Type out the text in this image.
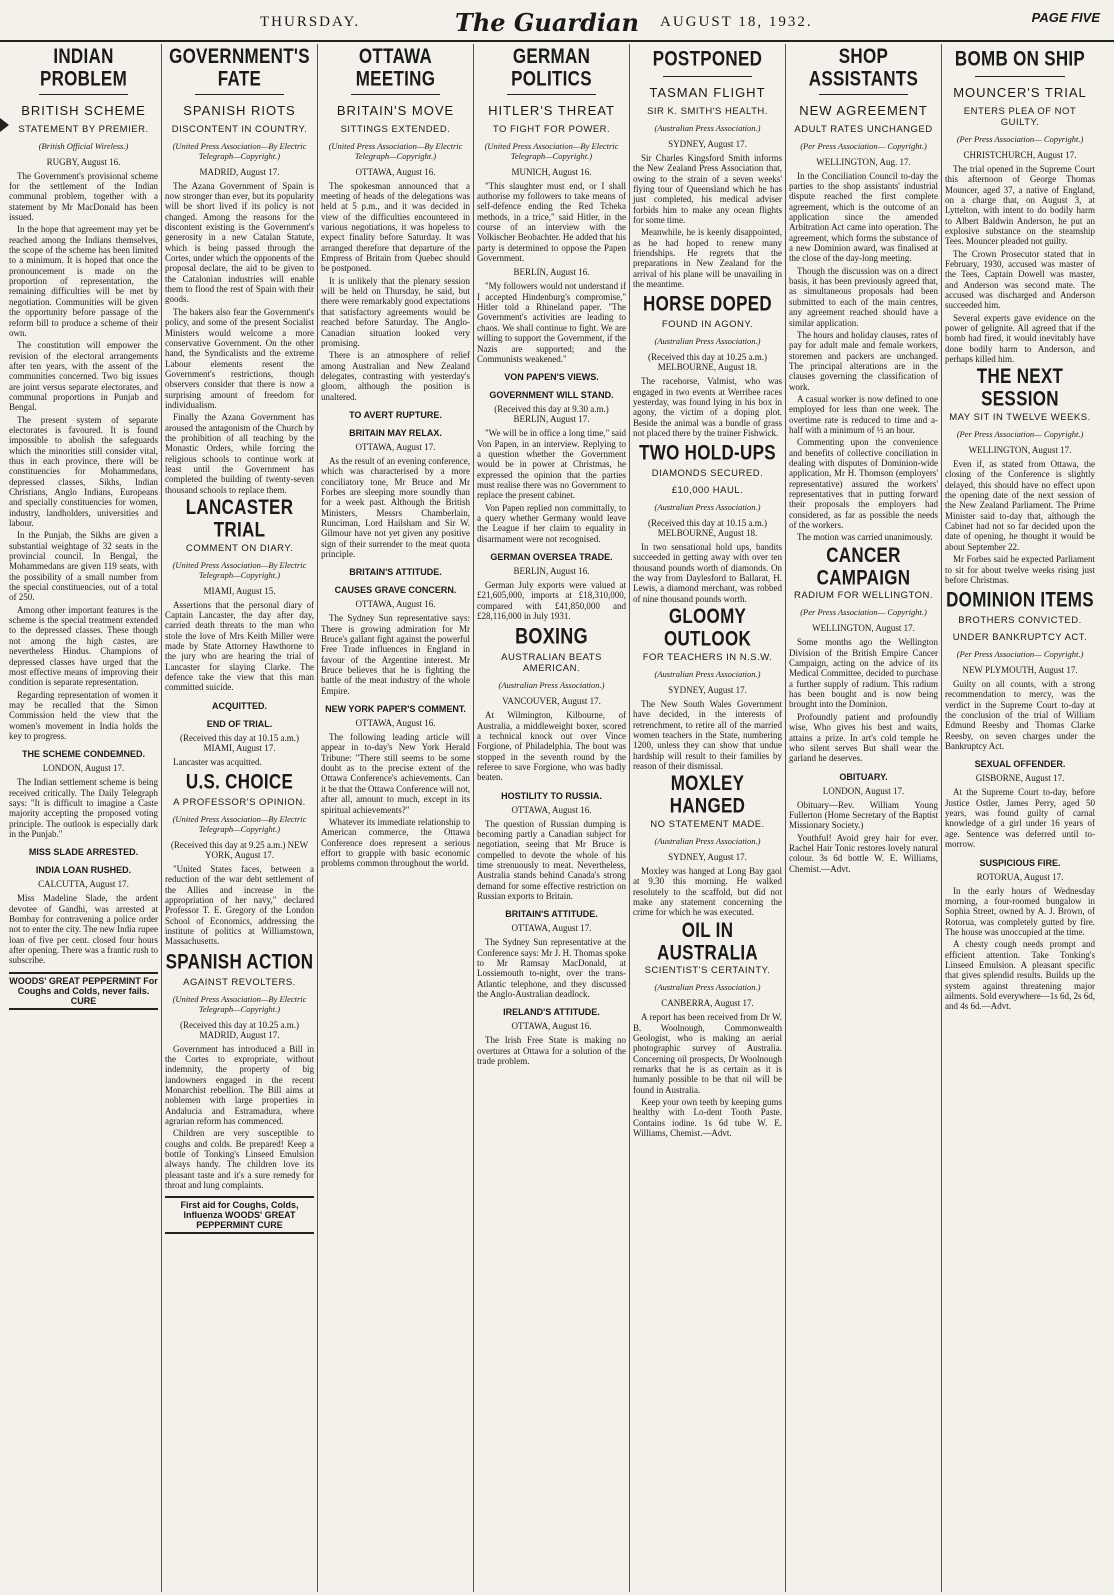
THURSDAY.	The Guardian AUGUST 18, 1932.	PAGE FIVE
INDIAN PROBLEM
BRITISH SCHEME
STATEMENT BY PREMIER.
(British Official Wireless.)
RUGBY, August 16.

The Government's provisional scheme for the settlement of the Indian communal problem, together with a statement by Mr MacDonald has been issued.

In the hope that agreement may yet be reached among the Indians themselves, the scope of the scheme has been limited to a minimum. It is hoped that once the pronouncement is made on the proportion of representation, the remaining difficulties will be met by negotiation. Communities will be given the opportunity before passage of the reform bill to produce a scheme of their own.

The constitution will empower the revision of the electoral arrangements after ten years, with the assent of the communities concerned. Two big issues are joint versus separate electorates, and communal proportions in Punjab and Bengal.

The present system of separate electorates is favoured. It is found impossible to abolish the safeguards which the minorities still consider vital, thus in each province, there will be constituencies for Mohammedans, depressed classes, Sikhs, Indian Christians, Anglo Indians, Europeans and specially constituencies for women, industry, landholders, universities and labour.

In the Punjab, the Sikhs are given a substantial weightage of 32 seats in the provincial council. In Bengal, the Mohammedans are given 119 seats, with the possibility of a small number from the special constituencies, out of a total of 250.

Among other important features is the scheme is the special treatment extended to the depressed classes. These though not among the high castes, are nevertheless Hindus. Champions of depressed classes have urged that the most effective means of improving their condition is separate representation.

Regarding representation of women it may be recalled that the Simon Commission held the view that the women's movement in India holds the key to progress.

THE SCHEME CONDEMNED.
LONDON, August 17.

The Indian settlement scheme is being received critically. The Daily Telegraph says: "It is difficult to imagine a Caste majority accepting the proposed voting principle. The outlook is especially dark in the Punjab."

MISS SLADE ARRESTED.
INDIA LOAN RUSHED.
CALCUTTA, August 17.

Miss Madeline Slade, the ardent devotee of Gandhi, was arrested at Bombay for contravening a police order not to enter the city. The new India rupee loan of five per cent. closed four hours after opening. There was a frantic rush to subscribe.

WOODS' GREAT PEPPERMINT For Coughs and Colds, never fails. CURE
GOVERNMENT'S FATE
SPANISH RIOTS
DISCONTENT IN COUNTRY.
(United Press Association—By Electric Telegraph—Copyright.)
MADRID, August 17.

The Azana Government of Spain is now stronger than ever, but its popularity will be short lived if its policy is not changed. Among the reasons for the discontent existing is the Government's generosity in a new Catalan Statute, which is being passed through the Cortes, under which the opponents of the proposal declare, the aid to be given to the Catalonian industries will enable them to flood the rest of Spain with their goods.

The bakers also fear the Government's policy, and some of the present Socialist Ministers would welcome a more conservative Government. On the other hand, the Syndicalists and the extreme Labour elements resent the Government's restrictions, though observers consider that there is now a surprising amount of freedom for individualism.

Finally the Azana Government has aroused the antagonism of the Church by the prohibition of all teaching by the Monastic Orders, while forcing the religious schools to continue work at least until the Government has completed the building of twenty-seven thousand schools to replace them.

LANCASTER TRIAL
COMMENT ON DIARY.
(United Press Association—By Electric Telegraph—Copyright.)
MIAMI, August 15.

Assertions that the personal diary of Captain Lancaster, the day after day, carried death threats to the man who stole the love of Mrs Keith Miller were made by State Attorney Hawthorne to the jury who are hearing the trial of Lancaster for slaying Clarke. The defence take the view that this man committed suicide.

ACQUITTED.
END OF TRIAL.
(Received this day at 10.15 a.m.) MIAMI, August 17.

Lancaster was acquitted.

U.S. CHOICE
A PROFESSOR'S OPINION.
(United Press Association—By Electric Telegraph—Copyright.)
(Received this day at 9.25 a.m.) NEW YORK, August 17.

"United States faces, between a reduction of the war debt settlement of the Allies and increase in the appropriation of her navy," declared Professor T. E. Gregory of the London School of Economics, addressing the institute of politics at Williamstown, Massachusetts.

SPANISH ACTION
AGAINST REVOLTERS.
(United Press Association—By Electric Telegraph—Copyright.)
(Received this day at 10.25 a.m.) MADRID, August 17.

Government has introduced a Bill in the Cortes to expropriate, without indemnity, the property of big landowners engaged in the recent Monarchist rebellion. The Bill aims at noblemen with large properties in Andalucia and Estramadura, where agrarian reform has commenced.

Children are very susceptible to coughs and colds. Be prepared! Keep a bottle of Tonking's Linseed Emulsion always handy. The children love its pleasant taste and it's a sure remedy for throat and lung complaints.

First aid for Coughs, Colds, Influenza WOODS' GREAT PEPPERMINT CURE
OTTAWA MEETING
BRITAIN'S MOVE
SITTINGS EXTENDED.
(United Press Association—By Electric Telegraph—Copyright.)
OTTAWA, August 16.

The spokesman announced that a meeting of heads of the delegations was held at 5 p.m., and it was decided in view of the difficulties encountered in various negotiations, it was hopeless to expect finality before Saturday. It was arranged therefore that departure of the Empress of Britain from Quebec should be postponed.

It is unlikely that the plenary session will be held on Thursday, he said, but there were remarkably good expectations that satisfactory agreements would be reached before Saturday. The Anglo-Canadian situation looked very promising.

There is an atmosphere of relief among Australian and New Zealand delegates, contrasting with yesterday's gloom, although the position is unaltered.

TO AVERT RUPTURE.
BRITAIN MAY RELAX.
OTTAWA, August 17.

As the result of an evening conference, which was characterised by a more conciliatory tone, Mr Bruce and Mr Forbes are sleeping more soundly than for a week past. Although the British Ministers, Messrs Chamberlain, Runciman, Lord Hailsham and Sir W. Gilmour have not yet given any positive sign of their surrender to the meat quota principle.

BRITAIN'S ATTITUDE.
CAUSES GRAVE CONCERN.
OTTAWA, August 16.

The Sydney Sun representative says: There is growing admiration for Mr Bruce's gallant fight against the powerful Free Trade influences in England in favour of the Argentine interest. Mr Bruce believes that he is fighting the battle of the meat industry of the whole Empire.

NEW YORK PAPER'S COMMENT.
OTTAWA, August 16.

The following leading article will appear in to-day's New York Herald Tribune: "There still seems to be some doubt as to the precise extent of the Ottawa Conference's achievements. Can it be that the Ottawa Conference will not, after all, amount to much, except in its spiritual achievements?"

Whatever its immediate relationship to American commerce, the Ottawa Conference does represent a serious effort to grapple with basic economic problems common throughout the world.

GERMAN POLITICS
HITLER'S THREAT
TO FIGHT FOR POWER.
(United Press Association—By Electric Telegraph—Copyright.)
MUNICH, August 16.

"This slaughter must end, or I shall authorise my followers to take means of self-defence ending the Red Tcheka methods, in a trice," said Hitler, in the course of an interview with the Volkischer Beobachter. He added that his party is determined to oppose the Papen Government.

BERLIN, August 16.

"My followers would not understand if I accepted Hindenburg's compromise," Hitler told a Rhineland paper. "The Government's activities are leading to chaos. We shall continue to fight. We are willing to support the Government, if the Nazis are supported; and the Communists weakened."

VON PAPEN'S VIEWS.
GOVERNMENT WILL STAND.
(Received this day at 9.30 a.m.) BERLIN, August 17.

"We will be in office a long time," said Von Papen, in an interview. Replying to a question whether the Government would be in power at Christmas, he expressed the opinion that the parties must realise there was no Government to replace the present cabinet.

Von Papen replied non committally, to a query whether Germany would leave the League if her claim to equality in disarmament were not recognised.

GERMAN OVERSEA TRADE.
BERLIN, August 16.

German July exports were valued at £21,605,000, imports at £18,310,000, compared with £41,850,000 and £28,116,000 in July 1931.

BOXING
AUSTRALIAN BEATS AMERICAN.
(Australian Press Association.)
VANCOUVER, August 17.

At Wilmington, Kilbourne, of Australia, a middleweight boxer, scored a technical knock out over Vince Forgione, of Philadelphia. The bout was stopped in the seventh round by the referee to save Forgione, who was badly beaten.

HOSTILITY TO RUSSIA.
OTTAWA, August 16.

The question of Russian dumping is becoming partly a Canadian subject for negotiation, seeing that Mr Bruce is compelled to devote the whole of his time strenuously to meat. Nevertheless, Australia stands behind Canada's strong demand for some effective restriction on Russian exports to Britain.

BRITAIN'S ATTITUDE.
OTTAWA, August 17.

The Sydney Sun representative at the Conference says: Mr J. H. Thomas spoke to Mr Ramsay MacDonald, at Lossiemouth to-night, over the trans-Atlantic telephone, and they discussed the Anglo-Australian deadlock.

IRELAND'S ATTITUDE.
OTTAWA, August 16.

The Irish Free State is making no overtures at Ottawa for a solution of the trade problem.

POSTPONED
TASMAN FLIGHT
SIR K. SMITH'S HEALTH.
(Australian Press Association.)
SYDNEY, August 17.

Sir Charles Kingsford Smith informs the New Zealand Press Association that, owing to the strain of a seven weeks' flying tour of Queensland which he has just completed, his medical adviser forbids him to make any ocean flights for some time.

Meanwhile, he is keenly disappointed, as he had hoped to renew many friendships. He regrets that the preparations in New Zealand for the arrival of his plane will be unavailing in the meantime.

HORSE DOPED
FOUND IN AGONY.
(Australian Press Association.)
(Received this day at 10.25 a.m.) MELBOURNE, August 18.

The racehorse, Valmist, who was engaged in two events at Werribee races yesterday, was found lying in his box in agony, the victim of a doping plot. Beside the animal was a bundle of grass not placed there by the trainer Fishwick.

TWO HOLD-UPS
DIAMONDS SECURED.
£10,000 HAUL.
(Australian Press Association.)
(Received this day at 10.15 a.m.) MELBOURNE, August 18.

In two sensational hold ups, bandits succeeded in getting away with over ten thousand pounds worth of diamonds. On the way from Daylesford to Ballarat, H. Lewis, a diamond merchant, was robbed of nine thousand pounds worth.

GLOOMY OUTLOOK
FOR TEACHERS IN N.S.W.
(Australian Press Association.)
SYDNEY, August 17.

The New South Wales Government have decided, in the interests of retrenchment, to retire all of the married women teachers in the State, numbering 1200, unless they can show that undue hardship will result to their families by reason of their dismissal.

MOXLEY HANGED
NO STATEMENT MADE.
(Australian Press Association.)
SYDNEY, August 17.

Moxley was hanged at Long Bay gaol at 9.30 this morning. He walked resolutely to the scaffold, but did not make any statement concerning the crime for which he was executed.

OIL IN AUSTRALIA
SCIENTIST'S CERTAINTY.
(Australian Press Association.)
CANBERRA, August 17.

A report has been received from Dr W. B. Woolnough, Commonwealth Geologist, who is making an aerial photographic survey of Australia. Concerning oil prospects, Dr Woolnough remarks that he is as certain as it is humanly possible to be that oil will be found in Australia.

Keep your own teeth by keeping gums healthy with Lo-dent Tooth Paste. Contains iodine. 1s 6d tube W. E. Williams, Chemist.—Advt.

SHOP ASSISTANTS
NEW AGREEMENT
ADULT RATES UNCHANGED
(Per Press Association— Copyright.)
WELLINGTON, Aug. 17.

In the Conciliation Council to-day the parties to the shop assistants' industrial dispute reached the first complete agreement, which is the outcome of an application since the amended Arbitration Act came into operation. The agreement, which forms the substance of a new Dominion award, was finalised at the close of the day-long meeting.

Though the discussion was on a direct basis, it has been previously agreed that, as simultaneous proposals had been submitted to each of the main centres, any agreement reached should have a similar application.

The hours and holiday clauses, rates of pay for adult male and female workers, storemen and packers are unchanged. The principal alterations are in the clauses governing the classification of work.

A casual worker is now defined to one employed for less than one week. The overtime rate is reduced to time and a-half with a minimum of ½ an hour.

Commenting upon the convenience and benefits of collective conciliation in dealing with disputes of Dominion-wide application, Mr H. Thomson (employers' representative) assured the workers' representatives that in putting forward their proposals the employers had considered, as far as possible the needs of the workers.

The motion was carried unanimously.

CANCER CAMPAIGN
RADIUM FOR WELLINGTON.
(Per Press Association— Copyright.)
WELLINGTON, August 17.

Some months ago the Wellington Division of the British Empire Cancer Campaign, acting on the advice of its Medical Committee, decided to purchase a further supply of radium. This radium has been bought and is now being brought into the Dominion.

Profoundly patient and profoundly wise, Who gives his best and waits, attains a prize. In art's cold temple he who silent serves But shall wear the garland he deserves.

OBITUARY.
LONDON, August 17.

Obituary—Rev. William Young Fullerton (Home Secretary of the Baptist Missionary Society.)

Youthful! Avoid grey hair for ever. Rachel Hair Tonic restores lovely natural colour. 3s 6d bottle W. E. Williams, Chemist.—Advt.

BOMB ON SHIP
MOUNCER'S TRIAL
ENTERS PLEA OF NOT GUILTY.
(Per Press Association— Copyright.)
CHRISTCHURCH, August 17.

The trial opened in the Supreme Court this afternoon of George Thomas Mouncer, aged 37, a native of England, on a charge that, on August 3, at Lyttelton, with intent to do bodily harm to Albert Baldwin Anderson, he put an explosive substance on the steamship Tees. Mouncer pleaded not guilty.

The Crown Prosecutor stated that in February, 1930, accused was master of the Tees, Captain Dowell was master, and Anderson was second mate. The accused was discharged and Anderson succeeded him.

Several experts gave evidence on the power of gelignite. All agreed that if the bomb had fired, it would inevitably have done bodily harm to Anderson, and perhaps killed him.

THE NEXT SESSION
MAY SIT IN TWELVE WEEKS.
(Per Press Association— Copyright.)
WELLINGTON, August 17.

Even if, as stated from Ottawa, the closing of the Conference is slightly delayed, this should have no effect upon the opening date of the next session of the New Zealand Parliament. The Prime Minister said to-day that, although the Cabinet had not so far decided upon the date of opening, he thought it would be about September 22.

Mr Forbes said he expected Parliament to sit for about twelve weeks rising just before Christmas.

DOMINION ITEMS
BROTHERS CONVICTED.
UNDER BANKRUPTCY ACT.
(Per Press Association— Copyright.)
NEW PLYMOUTH, August 17.

Guilty on all counts, with a strong recommendation to mercy, was the verdict in the Supreme Court to-day at the conclusion of the trial of William Edmund Reesby and Thomas Clarke Reesby, on seven charges under the Bankruptcy Act.

SEXUAL OFFENDER.
GISBORNE, August 17.

At the Supreme Court to-day, before Justice Ostler, James Perry, aged 50 years, was found guilty of carnal knowledge of a girl under 16 years of age. Sentence was deferred until to-morrow.

SUSPICIOUS FIRE.
ROTORUA, August 17.

In the early hours of Wednesday morning, a four-roomed bungalow in Sophia Street, owned by A. J. Brown, of Rotorua, was completely gutted by fire. The house was unoccupied at the time.

A chesty cough needs prompt and efficient attention. Take Tonking's Linseed Emulsion. A pleasant specific that gives splendid results. Builds up the system against threatening major ailments. Sold everywhere—1s 6d, 2s 6d, and 4s 6d.—Advt.
